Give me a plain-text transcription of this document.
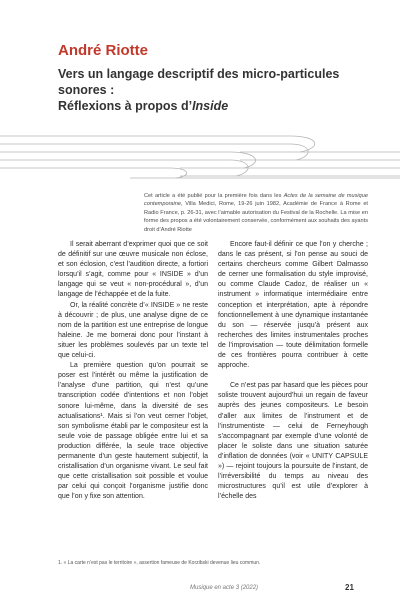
André Riotte
Vers un langage descriptif des micro-particules sonores :
Réflexions à propos d’Inside
Cet article a été publié pour la première fois dans les Actes de la semaine de musique contemporaine, Villa Medici, Rome, 19-26 juin 1982, Académie de France à Rome et Radio France, p. 26-31, avec l’aimable autorisation du Festival de la Rochelle. La mise en forme des propos a été volontairement conservée, conformément aux souhaits des ayants droit d’André Riotte

Il serait aberrant d’exprimer quoi que ce soit de définitif sur une œuvre musicale non éclose, et son éclosion, c’est l’audition directe, a fortiori lorsqu’il s’agit, comme pour « INSIDE » d’un langage qui se veut « non-procédural », d’un langage de l’échappée et de la fuite.

Or, la réalité concrète d’« INSIDE » ne reste à découvrir ; de plus, une analyse digne de ce nom de la partition est une entreprise de longue haleine. Je me bornerai donc pour l’instant à situer les problèmes soulevés par un texte tel que celui-ci.

La première question qu’on pourrait se poser est l’intérêt ou même la justification de l’analyse d’une partition, qui n’est qu’une transcription codée d’intentions et non l’objet sonore lui-même, dans la diversité de ses actualisations¹. Mais si l’on veut cerner l’objet, son symbolisme établi par le compositeur est la seule voie de passage obligée entre lui et sa production différée, la seule trace objective permanente d’un geste hautement subjectif, la cristallisation d’un organisme vivant. Le seul fait que cette cristallisation soit possible et voulue par celui qui conçoit l’organisme justifie donc que l’on y fixe son attention.

Encore faut-il définir ce que l’on y cherche ; dans le cas présent, si l’on pense au souci de certains chercheurs comme Gilbert Dalmasso de cerner une formalisation du style improvisé, ou comme Claude Cadoz, de réaliser un « instrument » informatique intermédiaire entre conception et interprétation, apte à répondre fonctionnellement à une dynamique instantanée du son — réservée jusqu’à présent aux recherches des limites instrumentales proches de l’improvisation — toute délimitation formelle de ces frontières pourra contribuer à cette approche.

Ce n’est pas par hasard que les pièces pour soliste trouvent aujourd’hui un regain de faveur auprès des jeunes compositeurs. Le besoin d’aller aux limites de l’instrument et de l’instrumentiste — celui de Ferneyhough s’accompagnant par exemple d’une volonté de placer le soliste dans une situation saturée d’inflation de données (voir « UNITY CAPSULE ») — rejoint toujours la poursuite de l’instant, de l’irréversibilité du temps au niveau des microstructures qu’il est utile d’explorer à l’échelle des

1. « La carte n’est pas le territoire », assertion fameuse de Korzibski devenue lieu commun.
Musique en acte 3 (2022)	21
